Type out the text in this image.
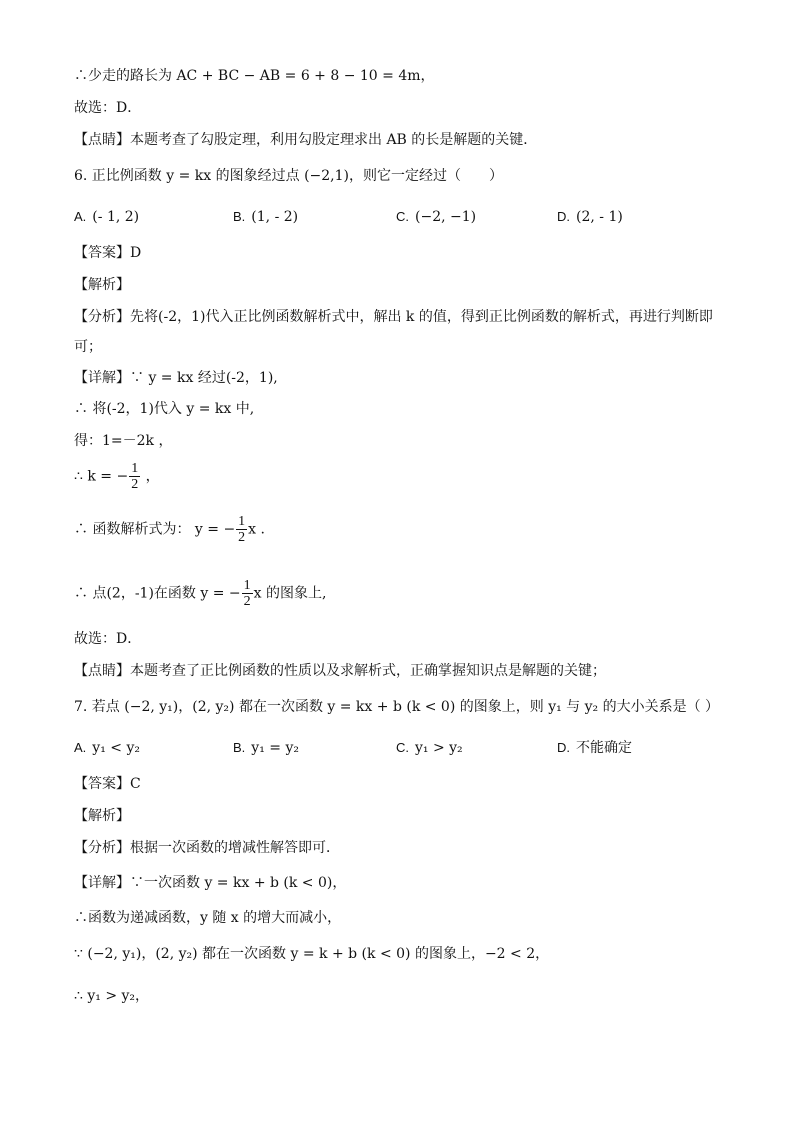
∴少走的路长为 AC + BC − AB = 6 + 8 − 10 = 4m，
故选：D．
【点睛】本题考查了勾股定理，利用勾股定理求出 AB 的长是解题的关键．
6. 正比例函数 y = kx 的图象经过点 (−2,1)，则它一定经过（　　）
A. (‑ 1, 2)	B. (1, ‑ 2)	C. (−2, −1)	D. (2, ‑ 1)
【答案】D
【解析】
【分析】先将(-2，1)代入正比例函数解析式中，解出 k 的值，得到正比例函数的解析式，再进行判断即
可；
【详解】∵ y = kx 经过(-2，1),
∴ 将(-2，1)代入 y = kx 中,
得：1=－2k ，
∴ k = − $\frac{1}{2}$ ，
∴ 函数解析式为： y = − $\frac{1}{2}$ x .
∴ 点(2，-1)在函数 y = − $\frac{1}{2}$ x 的图象上,
故选：D．
【点睛】本题考查了正比例函数的性质以及求解析式，正确掌握知识点是解题的关键；
7. 若点 (−2, y₁)，(2, y₂) 都在一次函数 y = kx + b (k < 0) 的图象上，则 y₁ 与 y₂ 的大小关系是（ ）
A. y₁ < y₂	B. y₁ = y₂	C. y₁ > y₂	D. 不能确定
【答案】C
【解析】
【分析】根据一次函数的增减性解答即可．
【详解】∵一次函数 y = kx + b (k < 0)，
∴函数为递减函数，y 随 x 的增大而减小，
∵ (−2, y₁)，(2, y₂) 都在一次函数 y = k + b (k < 0) 的图象上，−2 < 2，
∴ y₁ > y₂，
